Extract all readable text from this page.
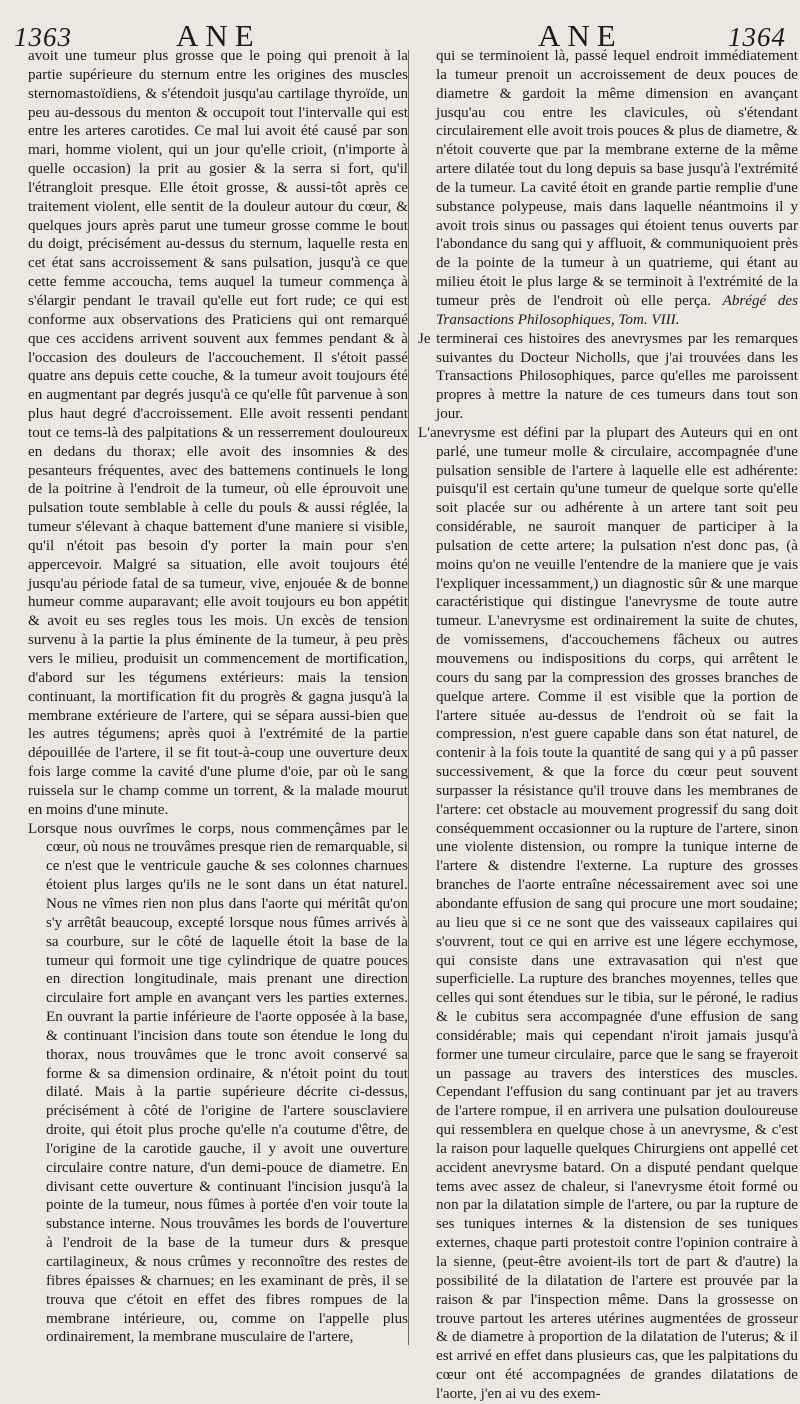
1363	ANE	ANE	1364

avoit une tumeur plus grosse que le poing qui prenoit à la partie supérieure du sternum entre les origines des muscles sternomastoïdiens, & s'étendoit jusqu'au cartilage thyroïde, un peu au-dessous du menton & occupoit tout l'intervalle qui est entre les arteres carotides. Ce mal lui avoit été causé par son mari, homme violent, qui un jour qu'elle crioit, (n'importe à quelle occasion) la prit au gosier & la serra si fort, qu'il l'étrangloit presque. Elle étoit grosse, & aussi-tôt après ce traitement violent, elle sentit de la douleur autour du cœur, & quelques jours après parut une tumeur grosse comme le bout du doigt, précisément au-dessus du sternum, laquelle resta en cet état sans accroissement & sans pulsation, jusqu'à ce que cette femme accoucha, tems auquel la tumeur commença à s'élargir pendant le travail qu'elle eut fort rude; ce qui est conforme aux observations des Praticiens qui ont remarqué que ces accidens arrivent souvent aux femmes pendant & à l'occasion des douleurs de l'accouchement. Il s'étoit passé quatre ans depuis cette couche, & la tumeur avoit toujours été en augmentant par degrés jusqu'à ce qu'elle fût parvenue à son plus haut degré d'accroissement. Elle avoit ressenti pendant tout ce tems-là des palpitations & un resserrement douloureux en dedans du thorax; elle avoit des insomnies & des pesanteurs fréquentes, avec des battemens continuels le long de la poitrine à l'endroit de la tumeur, où elle éprouvoit une pulsation toute semblable à celle du pouls & aussi réglée, la tumeur s'élevant à chaque battement d'une maniere si visible, qu'il n'étoit pas besoin d'y porter la main pour s'en appercevoir. Malgré sa situation, elle avoit toujours été jusqu'au période fatal de sa tumeur, vive, enjouée & de bonne humeur comme auparavant; elle avoit toujours eu bon appétit & avoit eu ses regles tous les mois. Un excès de tension survenu à la partie la plus éminente de la tumeur, à peu près vers le milieu, produisit un commencement de mortification, d'abord sur les tégumens extérieurs: mais la tension continuant, la mortification fit du progrès & gagna jusqu'à la membrane extérieure de l'artere, qui se sépara aussi-bien que les autres tégumens; après quoi à l'extrémité de la partie dépouillée de l'artere, il se fit tout-à-coup une ouverture deux fois large comme la cavité d'une plume d'oie, par où le sang ruissela sur le champ comme un torrent, & la malade mourut en moins d'une minute.

Lorsque nous ouvrîmes le corps, nous commençâmes par le cœur, où nous ne trouvâmes presque rien de remarquable, si ce n'est que le ventricule gauche & ses colonnes charnues étoient plus larges qu'ils ne le sont dans un état naturel. Nous ne vîmes rien non plus dans l'aorte qui méritât qu'on s'y arrêtât beaucoup, excepté lorsque nous fûmes arrivés à sa courbure, sur le côté de laquelle étoit la base de la tumeur qui formoit une tige cylindrique de quatre pouces en direction longitudinale, mais prenant une direction circulaire fort ample en avançant vers les parties externes. En ouvrant la partie inférieure de l'aorte opposée à la base, & continuant l'incision dans toute son étendue le long du thorax, nous trouvâmes que le tronc avoit conservé sa forme & sa dimension ordinaire, & n'étoit point du tout dilaté. Mais à la partie supérieure décrite ci-dessus, précisément à côté de l'origine de l'artere sousclaviere droite, qui étoit plus proche qu'elle n'a coutume d'être, de l'origine de la carotide gauche, il y avoit une ouverture circulaire contre nature, d'un demi-pouce de diametre. En divisant cette ouverture & continuant l'incision jusqu'à la pointe de la tumeur, nous fûmes à portée d'en voir toute la substance interne. Nous trouvâmes les bords de l'ouverture à l'endroit de la base de la tumeur durs & presque cartilagineux, & nous crûmes y reconnoître des restes de fibres épaisses & charnues; en les examinant de près, il se trouva que c'étoit en effet des fibres rompues de la membrane intérieure, ou, comme on l'appelle plus ordinairement, la membrane musculaire de l'artere,

qui se terminoient là, passé lequel endroit immédiatement la tumeur prenoit un accroissement de deux pouces de diametre & gardoit la même dimension en avançant jusqu'au cou entre les clavicules, où s'étendant circulairement elle avoit trois pouces & plus de diametre, & n'étoit couverte que par la membrane externe de la même artere dilatée tout du long depuis sa base jusqu'à l'extrémité de la tumeur. La cavité étoit en grande partie remplie d'une substance polypeuse, mais dans laquelle néantmoins il y avoit trois sinus ou passages qui étoient tenus ouverts par l'abondance du sang qui y affluoit, & communiquoient près de la pointe de la tumeur à un quatrieme, qui étant au milieu étoit le plus large & se terminoit à l'extrémité de la tumeur près de l'endroit où elle perça. Abrégé des Transactions Philosophiques, Tom. VIII.

Je terminerai ces histoires des anevrysmes par les remarques suivantes du Docteur Nicholls, que j'ai trouvées dans les Transactions Philosophiques, parce qu'elles me paroissent propres à mettre la nature de ces tumeurs dans tout son jour.

L'anevrysme est défini par la plupart des Auteurs qui en ont parlé, une tumeur molle & circulaire, accompagnée d'une pulsation sensible de l'artere à laquelle elle est adhérente: puisqu'il est certain qu'une tumeur de quelque sorte qu'elle soit placée sur ou adhérente à un artere tant soit peu considérable, ne sauroit manquer de participer à la pulsation de cette artere; la pulsation n'est donc pas, (à moins qu'on ne veuille l'entendre de la maniere que je vais l'expliquer incessamment,) un diagnostic sûr & une marque caractéristique qui distingue l'anevrysme de toute autre tumeur. L'anevrysme est ordinairement la suite de chutes, de vomissemens, d'accouchemens fâcheux ou autres mouvemens ou indispositions du corps, qui arrêtent le cours du sang par la compression des grosses branches de quelque artere. Comme il est visible que la portion de l'artere située au-dessus de l'endroit où se fait la compression, n'est guere capable dans son état naturel, de contenir à la fois toute la quantité de sang qui y a pû passer successivement, & que la force du cœur peut souvent surpasser la résistance qu'il trouve dans les membranes de l'artere: cet obstacle au mouvement progressif du sang doit conséquemment occasionner ou la rupture de l'artere, sinon une violente distension, ou rompre la tunique interne de l'artere & distendre l'externe. La rupture des grosses branches de l'aorte entraîne nécessairement avec soi une abondante effusion de sang qui procure une mort soudaine; au lieu que si ce ne sont que des vaisseaux capilaires qui s'ouvrent, tout ce qui en arrive est une légere ecchymose, qui consiste dans une extravasation qui n'est que superficielle. La rupture des branches moyennes, telles que celles qui sont étendues sur le tibia, sur le péroné, le radius & le cubitus sera accompagnée d'une effusion de sang considérable; mais qui cependant n'iroit jamais jusqu'à former une tumeur circulaire, parce que le sang se frayeroit un passage au travers des interstices des muscles. Cependant l'effusion du sang continuant par jet au travers de l'artere rompue, il en arrivera une pulsation douloureuse qui ressemblera en quelque chose à un anevrysme, & c'est la raison pour laquelle quelques Chirurgiens ont appellé cet accident anevrysme batard. On a disputé pendant quelque tems avec assez de chaleur, si l'anevrysme étoit formé ou non par la dilatation simple de l'artere, ou par la rupture de ses tuniques internes & la distension de ses tuniques externes, chaque parti protestoit contre l'opinion contraire à la sienne, (peut-être avoient-ils tort de part & d'autre) la possibilité de la dilatation de l'artere est prouvée par la raison & par l'inspection même. Dans la grossesse on trouve partout les arteres utérines augmentées de grosseur & de diametre à proportion de la dilatation de l'uterus; & il est arrivé en effet dans plusieurs cas, que les palpitations du cœur ont été accompagnées de grandes dilatations de l'aorte, j'en ai vu des exem-
